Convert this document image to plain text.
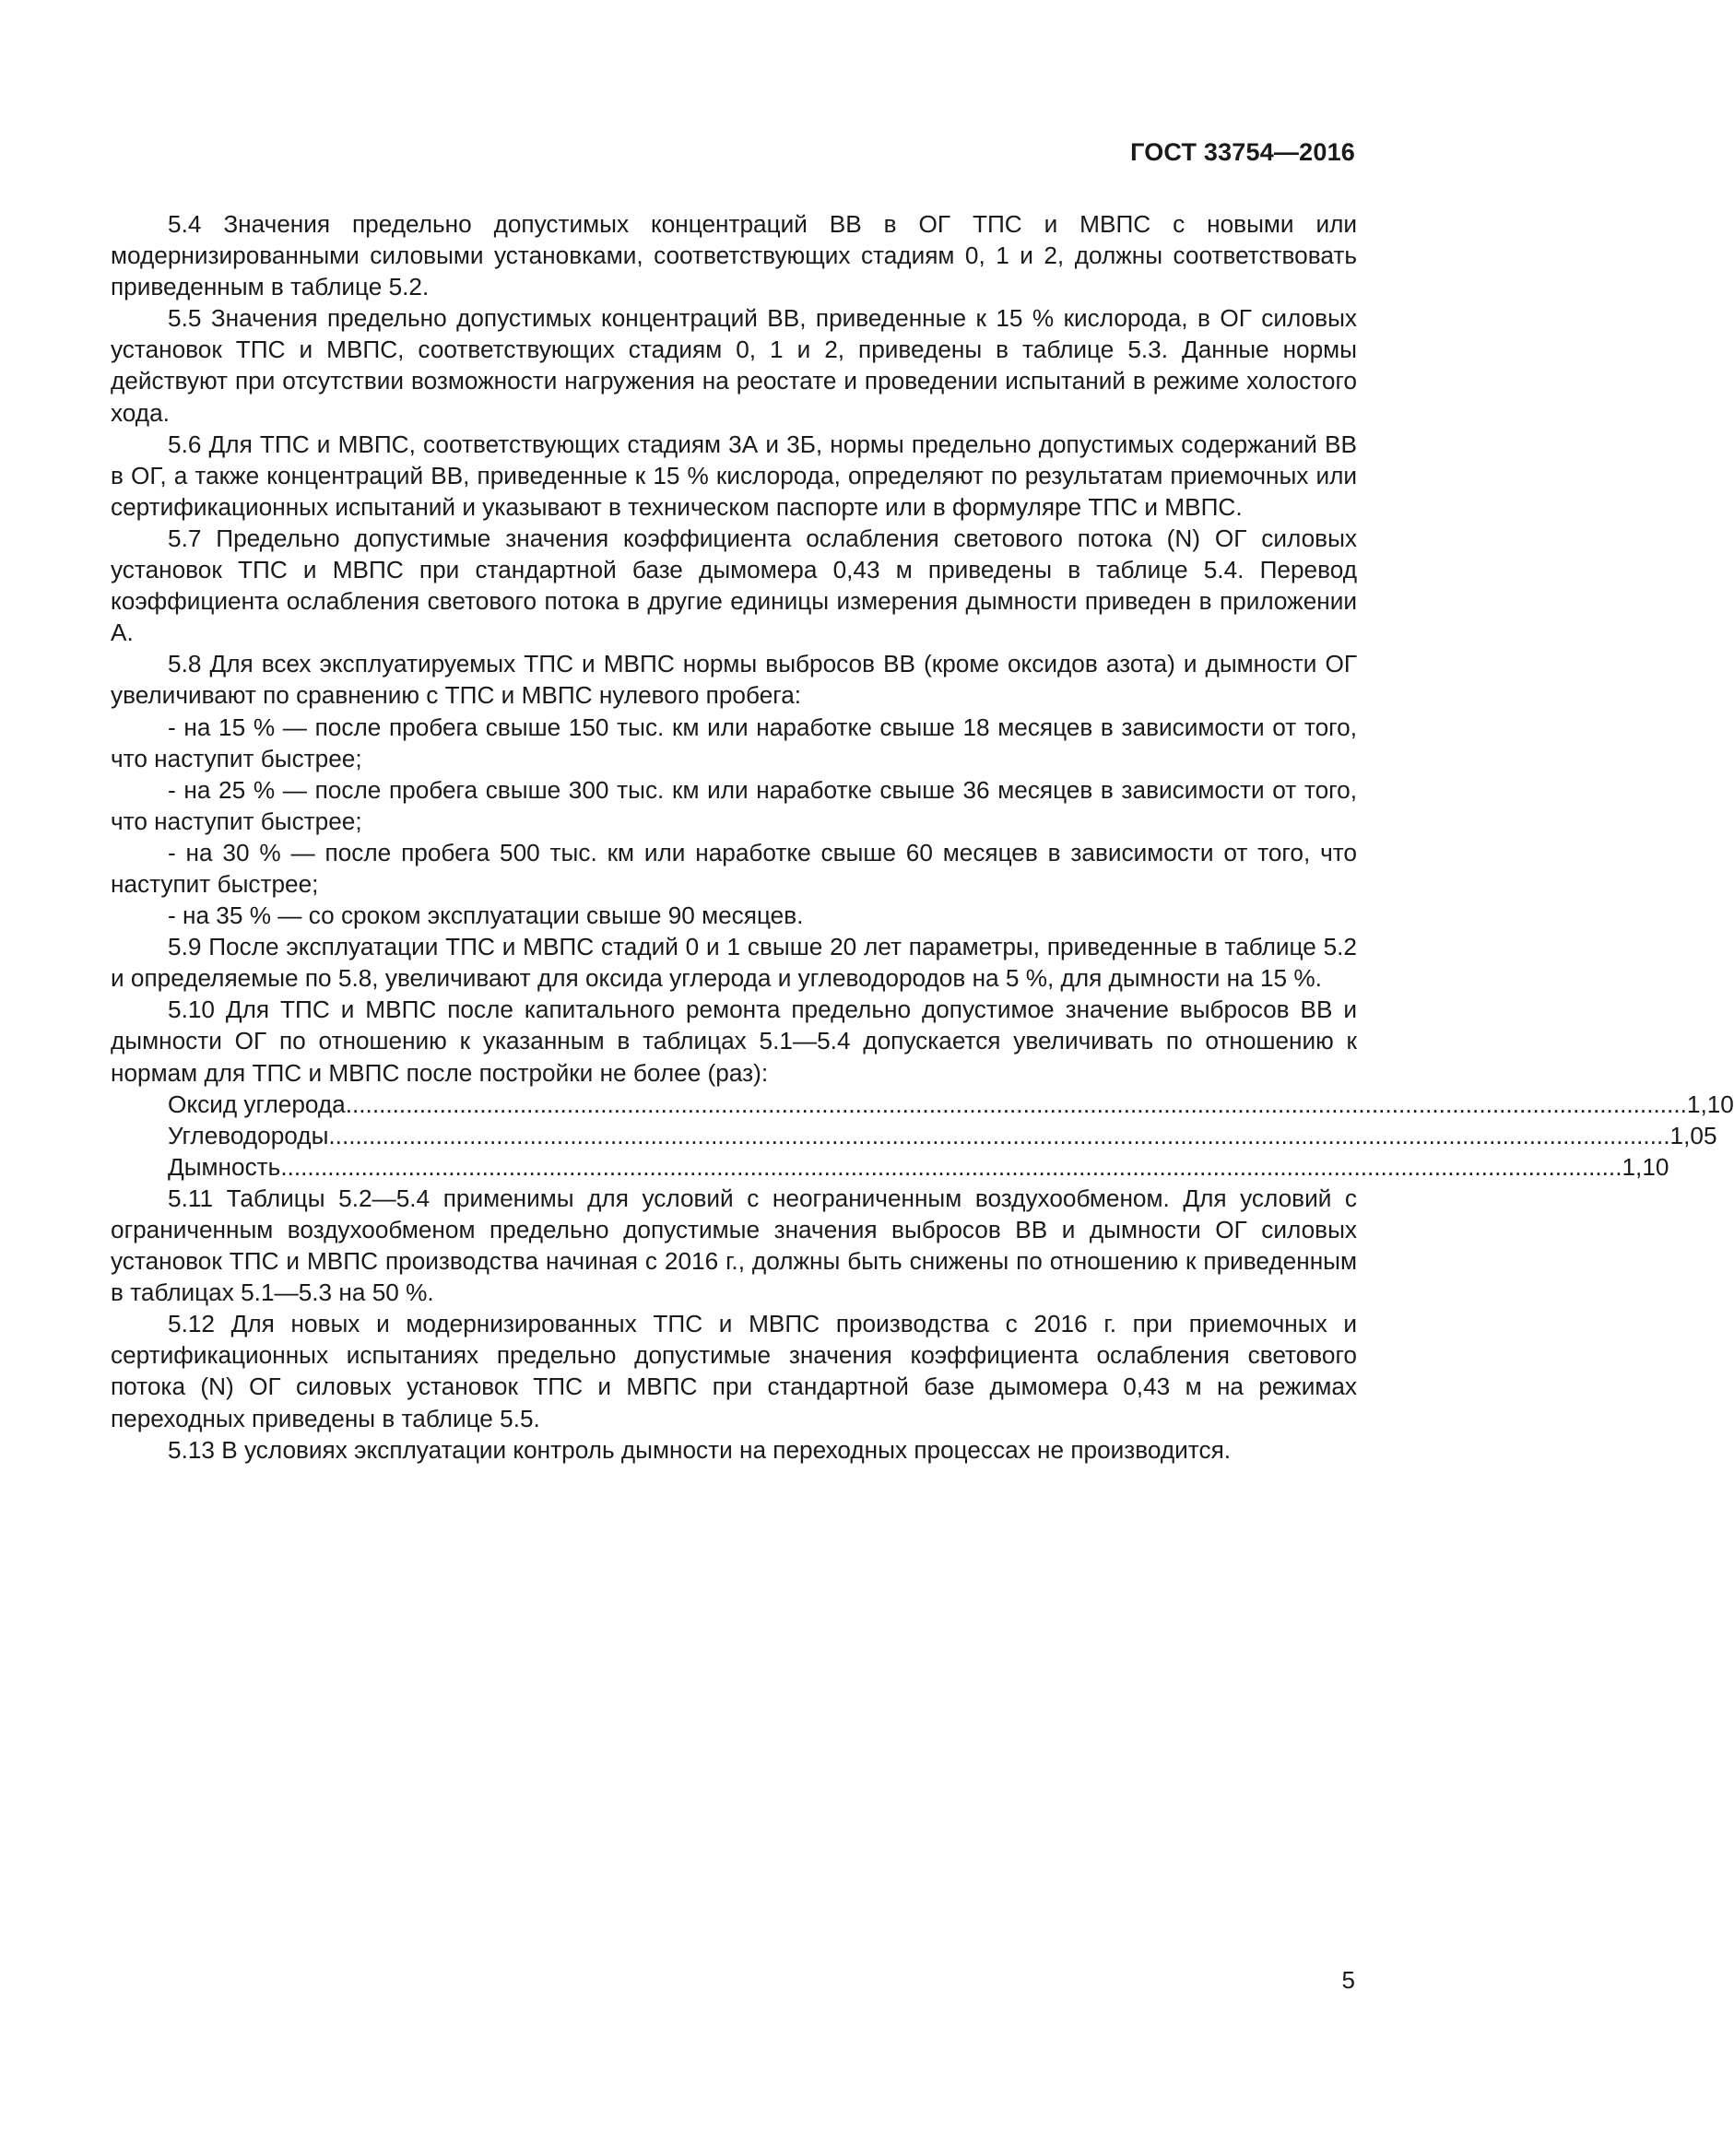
ГОСТ 33754—2016

5.4 Значения предельно допустимых концентраций ВВ в ОГ ТПС и МВПС с новыми или модернизированными силовыми установками, соответствующих стадиям 0, 1 и 2, должны соответствовать приведенным в таблице 5.2.

5.5 Значения предельно допустимых концентраций ВВ, приведенные к 15 % кислорода, в ОГ силовых установок ТПС и МВПС, соответствующих стадиям 0, 1 и 2, приведены в таблице 5.3. Данные нормы действуют при отсутствии возможности нагружения на реостате и проведении испытаний в режиме холостого хода.

5.6 Для ТПС и МВПС, соответствующих стадиям 3А и 3Б, нормы предельно допустимых содержаний ВВ в ОГ, а также концентраций ВВ, приведенные к 15 % кислорода, определяют по результатам приемочных или сертификационных испытаний и указывают в техническом паспорте или в формуляре ТПС и МВПС.

5.7 Предельно допустимые значения коэффициента ослабления светового потока (N) ОГ силовых установок ТПС и МВПС при стандартной базе дымомера 0,43 м приведены в таблице 5.4. Перевод коэффициента ослабления светового потока в другие единицы измерения дымности приведен в приложении А.

5.8 Для всех эксплуатируемых ТПС и МВПС нормы выбросов ВВ (кроме оксидов азота) и дымности ОГ увеличивают по сравнению с ТПС и МВПС нулевого пробега:

- на 15 % — после пробега свыше 150 тыс. км или наработке свыше 18 месяцев в зависимости от того, что наступит быстрее;

- на 25 % — после пробега свыше 300 тыс. км или наработке свыше 36 месяцев в зависимости от того, что наступит быстрее;

- на 30 % — после пробега 500 тыс. км или наработке свыше 60 месяцев в зависимости от того, что наступит быстрее;

- на 35 % — со сроком эксплуатации свыше 90 месяцев.

5.9 После эксплуатации ТПС и МВПС стадий 0 и 1 свыше 20 лет параметры, приведенные в таблице 5.2 и определяемые по 5.8, увеличивают для оксида углерода и углеводородов на 5 %, для дымности на 15 %.

5.10 Для ТПС и МВПС после капитального ремонта предельно допустимое значение выбросов ВВ и дымности ОГ по отношению к указанным в таблицах 5.1—5.4 допускается увеличивать по отношению к нормам для ТПС и МВПС после постройки не более (раз):

Оксид углерода ........................................................................................................................................................................................................ 1,10
Углеводороды ........................................................................................................................................................................................................ 1,05
Дымность ........................................................................................................................................................................................................ 1,10

5.11 Таблицы 5.2—5.4 применимы для условий с неограниченным воздухообменом. Для условий с ограниченным воздухообменом предельно допустимые значения выбросов ВВ и дымности ОГ силовых установок ТПС и МВПС производства начиная с 2016 г., должны быть снижены по отношению к приведенным в таблицах 5.1—5.3 на 50 %.

5.12 Для новых и модернизированных ТПС и МВПС производства с 2016 г. при приемочных и сертификационных испытаниях предельно допустимые значения коэффициента ослабления светового потока (N) ОГ силовых установок ТПС и МВПС при стандартной базе дымомера 0,43 м на режимах переходных приведены в таблице 5.5.

5.13 В условиях эксплуатации контроль дымности на переходных процессах не производится.

5
